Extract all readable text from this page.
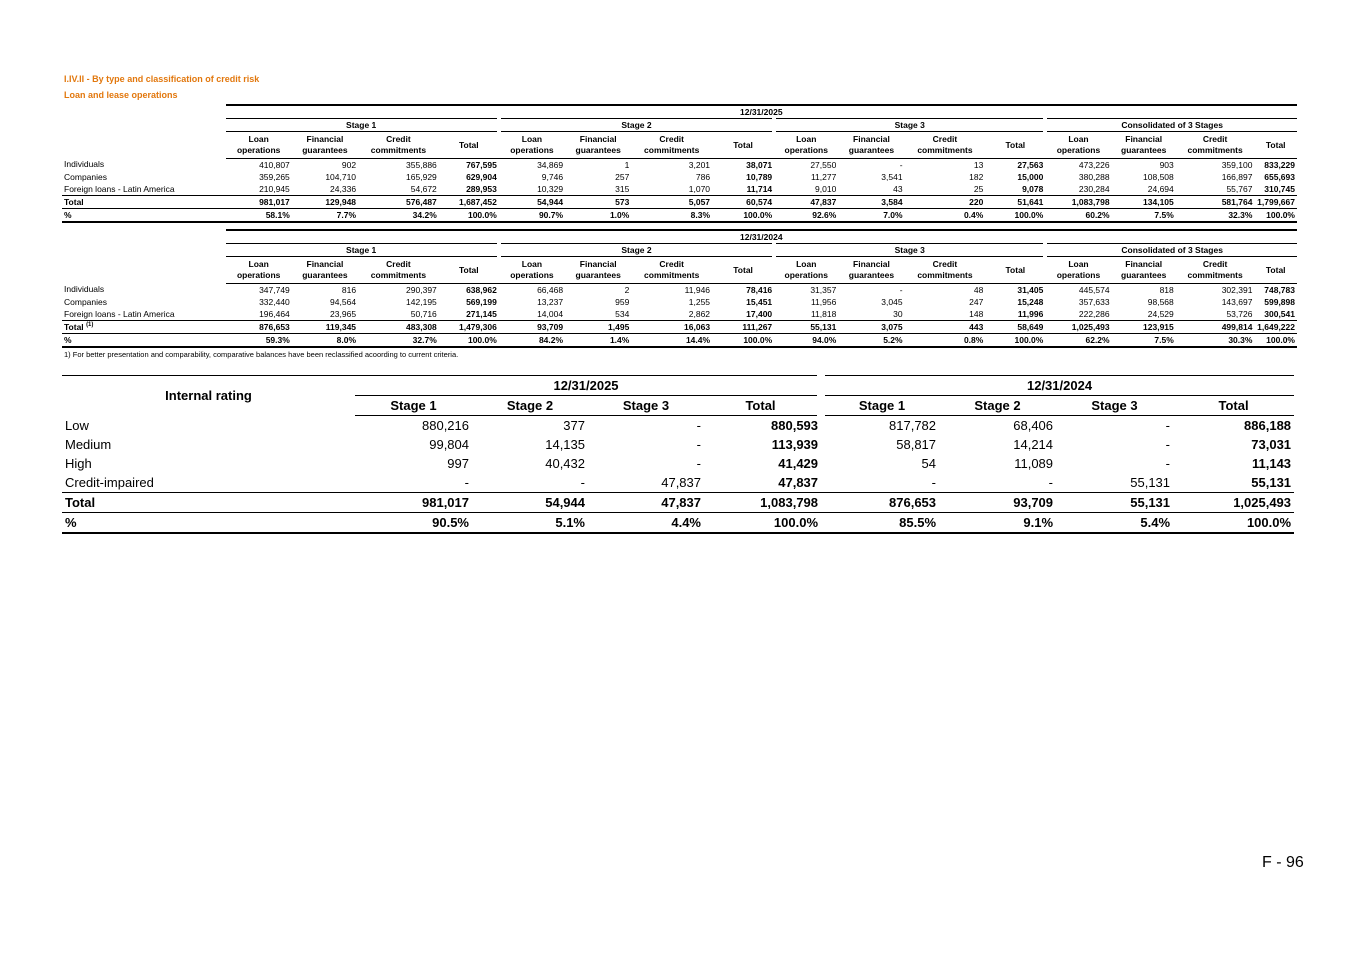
I.IV.II - By type and classification of credit risk
Loan and lease operations
	12/31/2025															
	Stage 1				Stage 2				Stage 3				Consolidated of 3 Stages			
	Loan operations	Financial guarantees	Credit commitments	Total	Loan operations	Financial guarantees	Credit commitments	Total	Loan operations	Financial guarantees	Credit commitments	Total	Loan operations	Financial guarantees	Credit commitments	Total
Individuals	410,807	902	355,886	767,595	34,869	1	3,201	38,071	27,550	-	13	27,563	473,226	903	359,100	833,229
Companies	359,265	104,710	165,929	629,904	9,746	257	786	10,789	11,277	3,541	182	15,000	380,288	108,508	166,897	655,693
Foreign loans - Latin America	210,945	24,336	54,672	289,953	10,329	315	1,070	11,714	9,010	43	25	9,078	230,284	24,694	55,767	310,745
Total	981,017	129,948	576,487	1,687,452	54,944	573	5,057	60,574	47,837	3,584	220	51,641	1,083,798	134,105	581,764	1,799,667
%	58.1%	7.7%	34.2%	100.0%	90.7%	1.0%	8.3%	100.0%	92.6%	7.0%	0.4%	100.0%	60.2%	7.5%	32.3%	100.0%
	12/31/2024															
	Stage 1				Stage 2				Stage 3				Consolidated of 3 Stages			
	Loan operations	Financial guarantees	Credit commitments	Total	Loan operations	Financial guarantees	Credit commitments	Total	Loan operations	Financial guarantees	Credit commitments	Total	Loan operations	Financial guarantees	Credit commitments	Total
Individuals	347,749	816	290,397	638,962	66,468	2	11,946	78,416	31,357	-	48	31,405	445,574	818	302,391	748,783
Companies	332,440	94,564	142,195	569,199	13,237	959	1,255	15,451	11,956	3,045	247	15,248	357,633	98,568	143,697	599,898
Foreign loans - Latin America	196,464	23,965	50,716	271,145	14,004	534	2,862	17,400	11,818	30	148	11,996	222,286	24,529	53,726	300,541
Total $^{(1)}$	876,653	119,345	483,308	1,479,306	93,709	1,495	16,063	111,267	55,131	3,075	443	58,649	1,025,493	123,915	499,814	1,649,222
%	59.3%	8.0%	32.7%	100.0%	84.2%	1.4%	14.4%	100.0%	94.0%	5.2%	0.8%	100.0%	62.2%	7.5%	30.3%	100.0%
1) For better presentation and comparability, comparative balances have been reclassified acoording to current criteria.
Internal rating	12/31/2025				12/31/2024			
	Stage 1	Stage 2	Stage 3	Total	Stage 1	Stage 2	Stage 3	Total
Low	880,216	377	-	880,593	817,782	68,406	-	886,188
Medium	99,804	14,135	-	113,939	58,817	14,214	-	73,031
High	997	40,432	-	41,429	54	11,089	-	11,143
Credit-impaired	-	-	47,837	47,837	-	-	55,131	55,131
Total	981,017	54,944	47,837	1,083,798	876,653	93,709	55,131	1,025,493
%	90.5%	5.1%	4.4%	100.0%	85.5%	9.1%	5.4%	100.0%
F - 96
